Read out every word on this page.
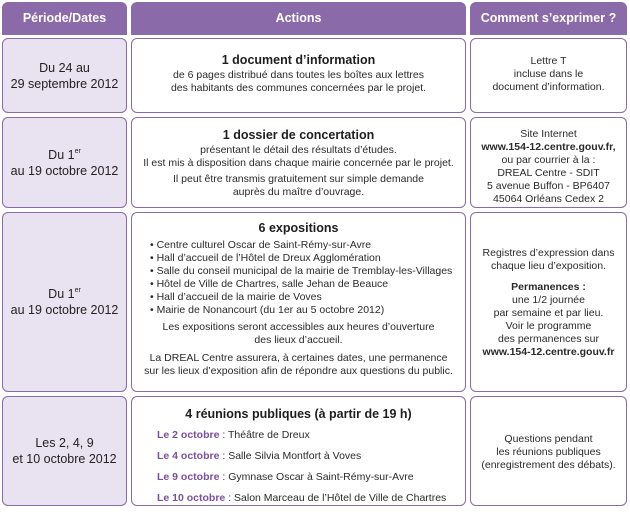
Période/Dates	Actions	Comment s’exprimer ?
Du 24 au
29 septembre 2012
1 document d’information
de 6 pages distribué dans toutes les boîtes aux lettres
des habitants des communes concernées par le projet.

Lettre T

incluse dans le

document d’information.

Du 1er
au 19 octobre 2012
1 dossier de concertation
présentant le détail des résultats d’études.
Il est mis à disposition dans chaque mairie concernée par le projet.
Il peut être transmis gratuitement sur simple demande
auprès du maître d’ouvrage.

Site Internet

www.154-12.centre.gouv.fr,

ou par courrier à la :

DREAL Centre - SDIT

5 avenue Buffon - BP6407

45064 Orléans Cedex 2

Du 1er
au 19 octobre 2012
6 expositions
• Centre culturel Oscar de Saint-Rémy-sur-Avre
• Hall d’accueil de l’Hôtel de Dreux Agglomération
• Salle du conseil municipal de la mairie de Tremblay-les-Villages
• Hôtel de Ville de Chartres, salle Jehan de Beauce
• Hall d’accueil de la mairie de Voves
• Mairie de Nonancourt (du 1er au 5 octobre 2012)
Les expositions seront accessibles aux heures d’ouverture
des lieux d’accueil.
La DREAL Centre assurera, à certaines dates, une permanence
sur les lieux d’exposition afin de répondre aux questions du public.

Registres d’expression dans

chaque lieu d’exposition.

Permanences :

une 1/2 journée

par semaine et par lieu.

Voir le programme

des permanences sur

www.154-12.centre.gouv.fr

Les 2, 4, 9
et 10 octobre 2012
4 réunions publiques (à partir de 19 h)
Le 2 octobre : Théâtre de Dreux
Le 4 octobre : Salle Silvia Montfort à Voves
Le 9 octobre : Gymnase Oscar à Saint-Rémy-sur-Avre
Le 10 octobre : Salon Marceau de l’Hôtel de Ville de Chartres

Questions pendant

les réunions publiques

(enregistrement des débats).
